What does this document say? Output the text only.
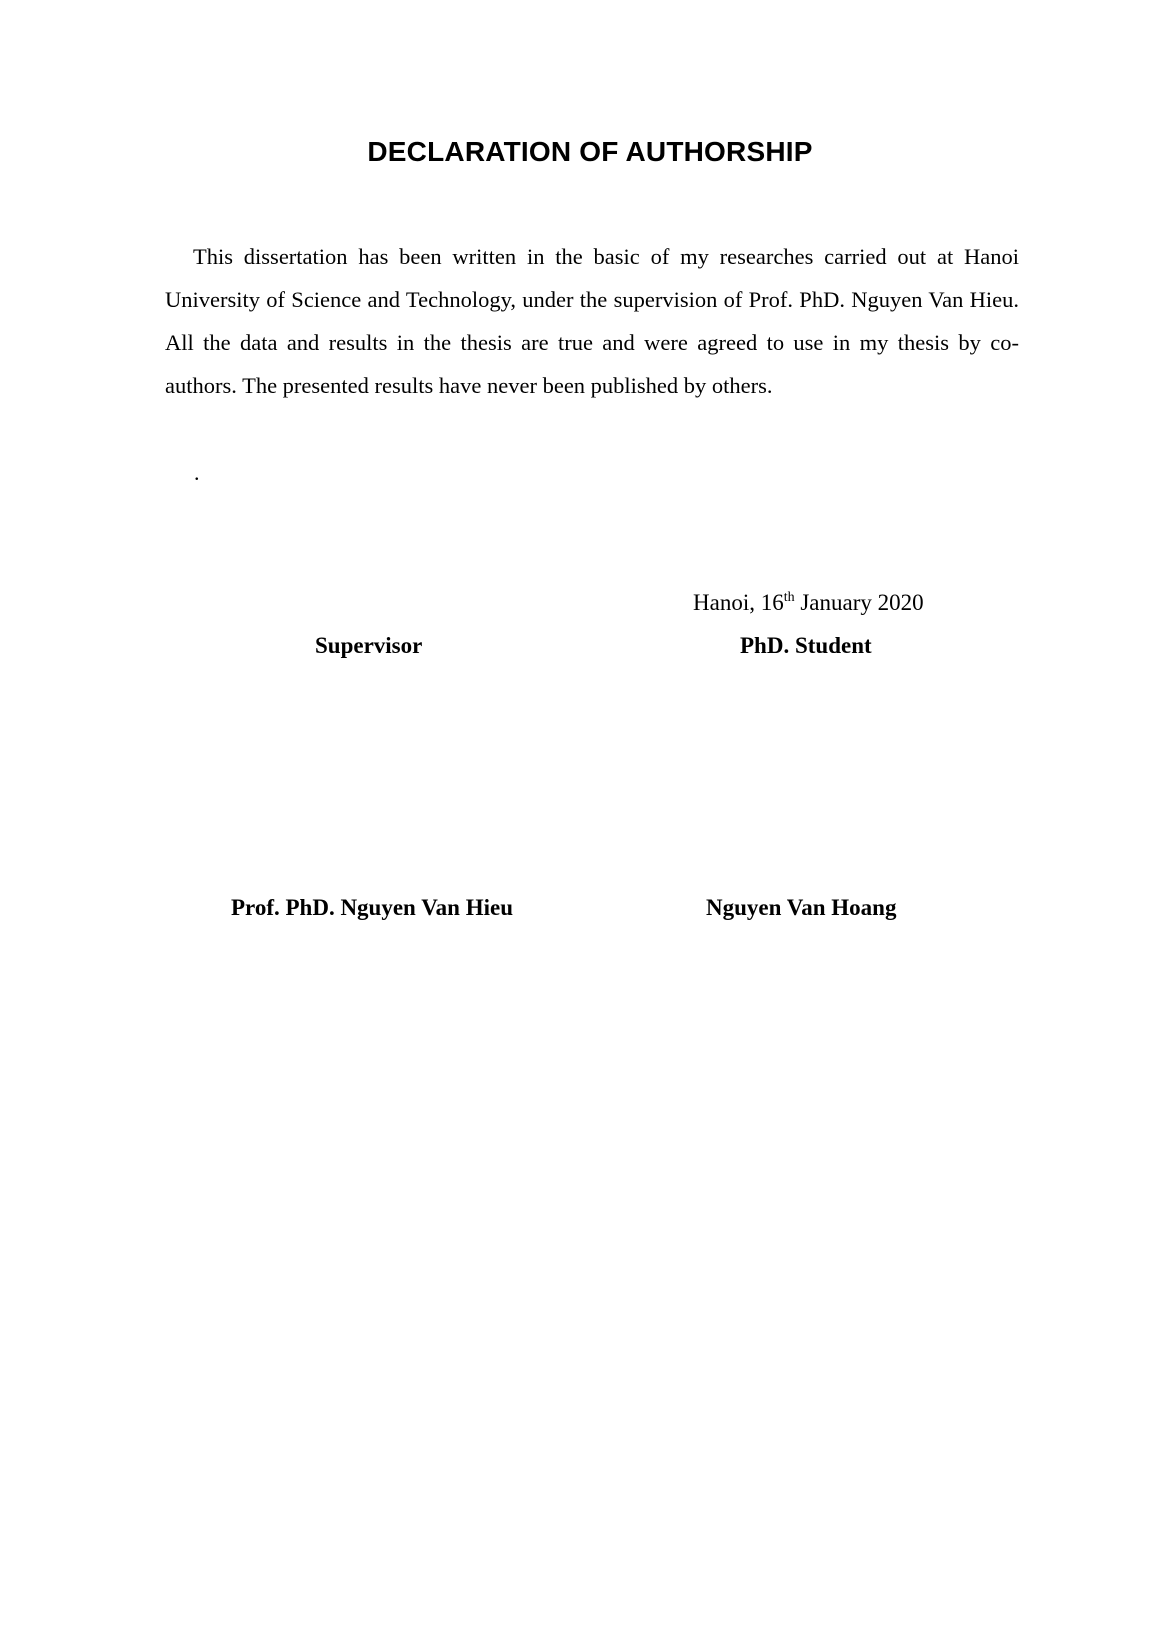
DECLARATION OF AUTHORSHIP

This dissertation has been written in the basic of my researches carried out at Hanoi University of Science and Technology, under the supervision of Prof. PhD. Nguyen Van Hieu. All the data and results in the thesis are true and were agreed to use in my thesis by co-authors. The presented results have never been published by others.

.
Hanoi, 16th January 2020
Supervisor	PhD. Student
Prof. PhD. Nguyen Van Hieu	Nguyen Van Hoang
